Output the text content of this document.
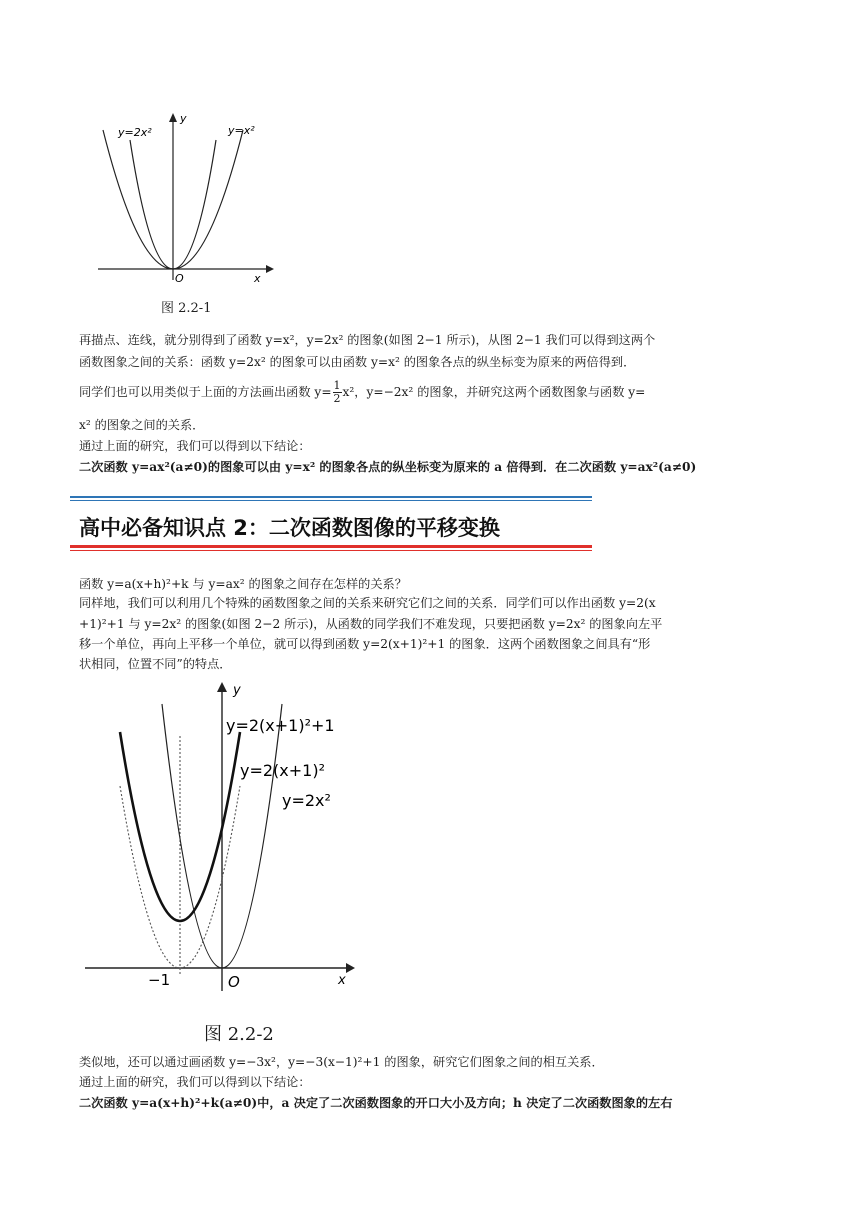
y=2x²	y=x²
y
x
O
图 2.2-1
再描点、连线，就分别得到了函数 y=x²，y=2x² 的图象(如图 2−1 所示)，从图 2−1 我们可以得到这两个
函数图象之间的关系：函数 y=2x² 的图象可以由函数 y=x² 的图象各点的纵坐标变为原来的两倍得到．
同学们也可以用类似于上面的方法画出函数 $y= \frac{1}{2} x^2$，y=−2x² 的图象，并研究这两个函数图象与函数 y=
x² 的图象之间的关系．
通过上面的研究，我们可以得到以下结论：
二次函数 y=ax²(a≠0)的图象可以由 y=x² 的图象各点的纵坐标变为原来的 a 倍得到．在二次函数 y=ax²(a≠0)
高中必备知识点 2：二次函数图像的平移变换
函数 y=a(x+h)²+k 与 y=ax² 的图象之间存在怎样的关系？
同样地，我们可以利用几个特殊的函数图象之间的关系来研究它们之间的关系．同学们可以作出函数 y=2(x
+1)²+1 与 y=2x² 的图象(如图 2−2 所示)，从函数的同学我们不难发现，只要把函数 y=2x² 的图象向左平
移一个单位，再向上平移一个单位，就可以得到函数 y=2(x+1)²+1 的图象．这两个函数图象之间具有“形
状相同，位置不同”的特点．
y=2(x+1)²+1
y=2(x+1)²
y=2x²
y
x
O
−1
图 2.2-2
类似地，还可以通过画函数 y=−3x²，y=−3(x−1)²+1 的图象，研究它们图象之间的相互关系．
通过上面的研究，我们可以得到以下结论：
二次函数 y=a(x+h)²+k(a≠0)中，a 决定了二次函数图象的开口大小及方向；h 决定了二次函数图象的左右
